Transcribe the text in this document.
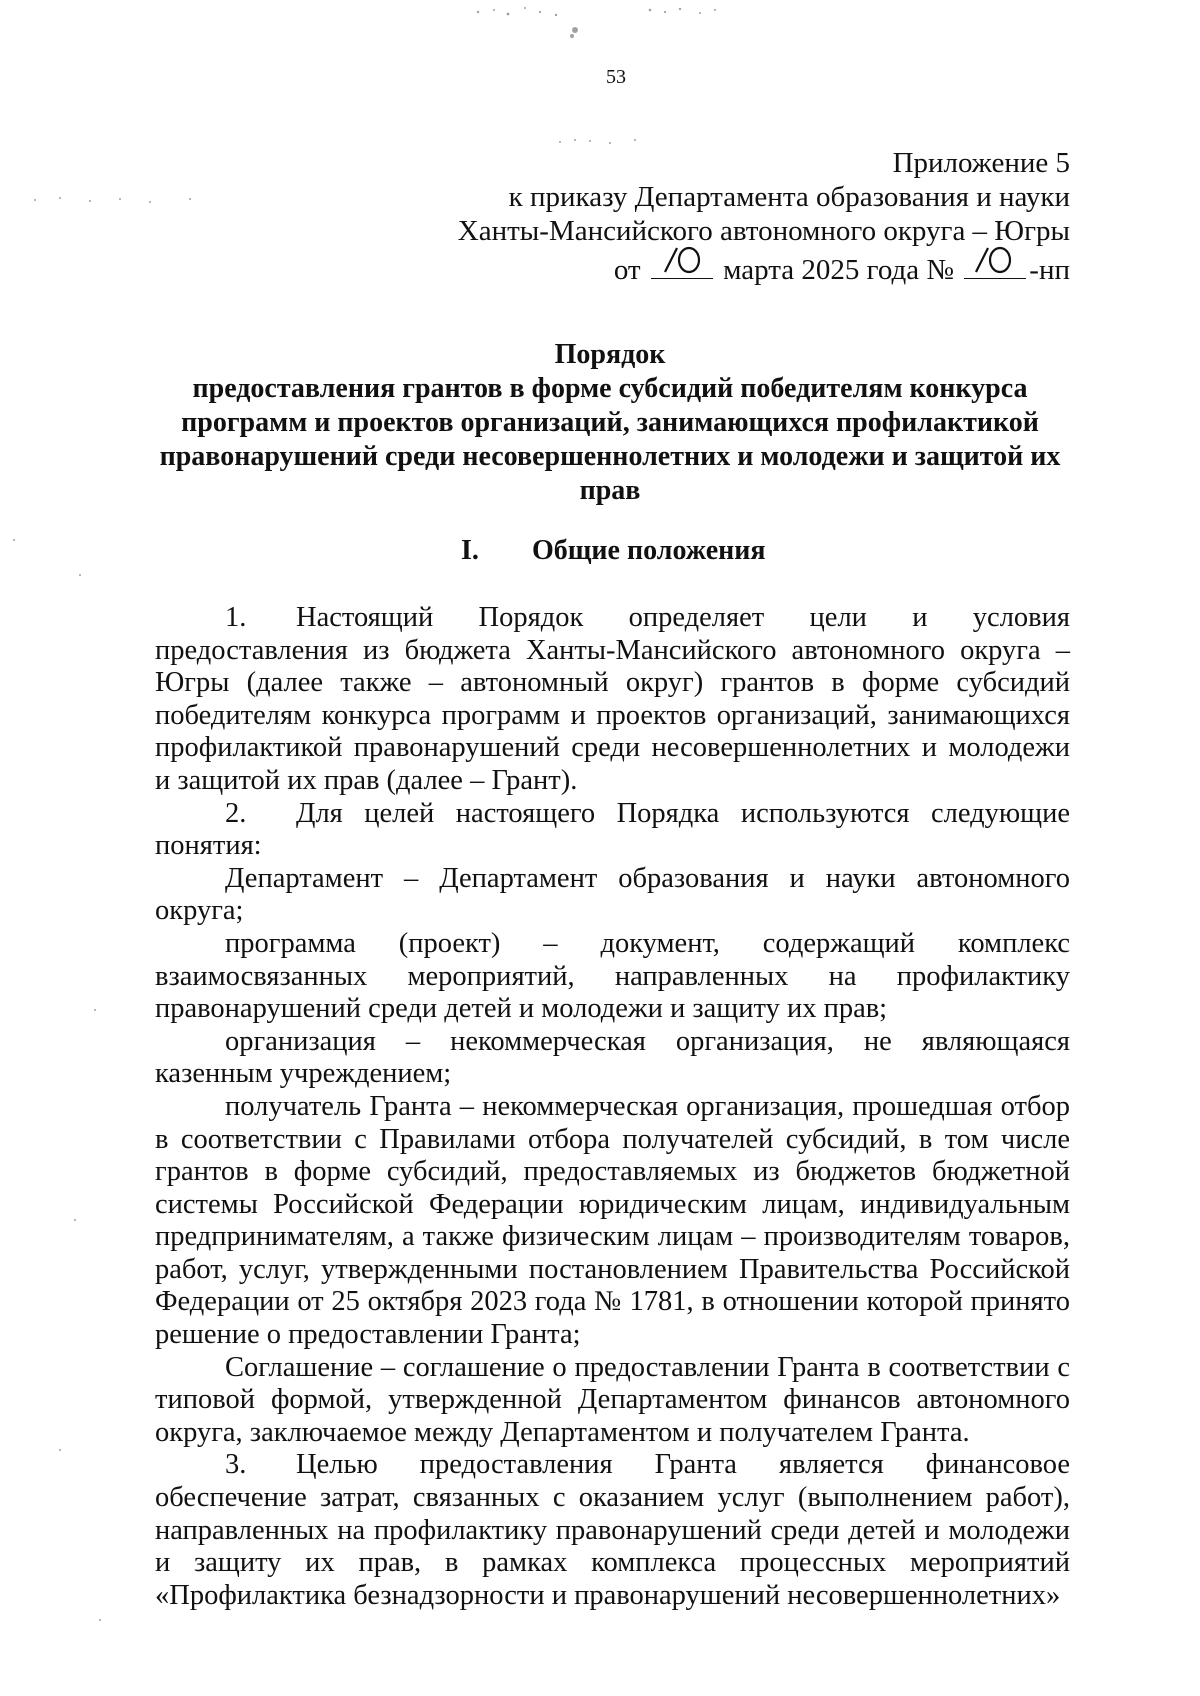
53
Приложение 5
к приказу Департамента образования и науки
Ханты-Мансийского автономного округа – Югры
от	марта 2025 года №	-нп
Порядок
предоставления грантов в форме субсидий победителям конкурса
программ и проектов организаций, занимающихся профилактикой
правонарушений среди несовершеннолетних и молодежи и защитой их
прав
I. Общие положения

1. Настоящий Порядок определяет цели и условия предоставления из бюджета Ханты-Мансийского автономного округа – Югры (далее также – автономный округ) грантов в форме субсидий победителям конкурса программ и проектов организаций, занимающихся профилактикой правонарушений среди несовершеннолетних и молодежи и защитой их прав (далее – Грант).

2. Для целей настоящего Порядка используются следующие понятия:

Департамент – Департамент образования и науки автономного округа;

программа (проект) – документ, содержащий комплекс взаимосвязанных мероприятий, направленных на профилактику правонарушений среди детей и молодежи и защиту их прав;

организация – некоммерческая организация, не являющаяся казенным учреждением;

получатель Гранта – некоммерческая организация, прошедшая отбор в соответствии с Правилами отбора получателей субсидий, в том числе грантов в форме субсидий, предоставляемых из бюджетов бюджетной системы Российской Федерации юридическим лицам, индивидуальным предпринимателям, а также физическим лицам – производителям товаров, работ, услуг, утвержденными постановлением Правительства Российской Федерации от 25 октября 2023 года № 1781, в отношении которой принято решение о предоставлении Гранта;

Соглашение – соглашение о предоставлении Гранта в соответствии с типовой формой, утвержденной Департаментом финансов автономного округа, заключаемое между Департаментом и получателем Гранта.

3. Целью предоставления Гранта является финансовое обеспечение затрат, связанных с оказанием услуг (выполнением работ), направленных на профилактику правонарушений среди детей и молодежи и защиту их прав, в рамках комплекса процессных мероприятий «Профилактика безнадзорности и правонарушений несовершеннолетних»
